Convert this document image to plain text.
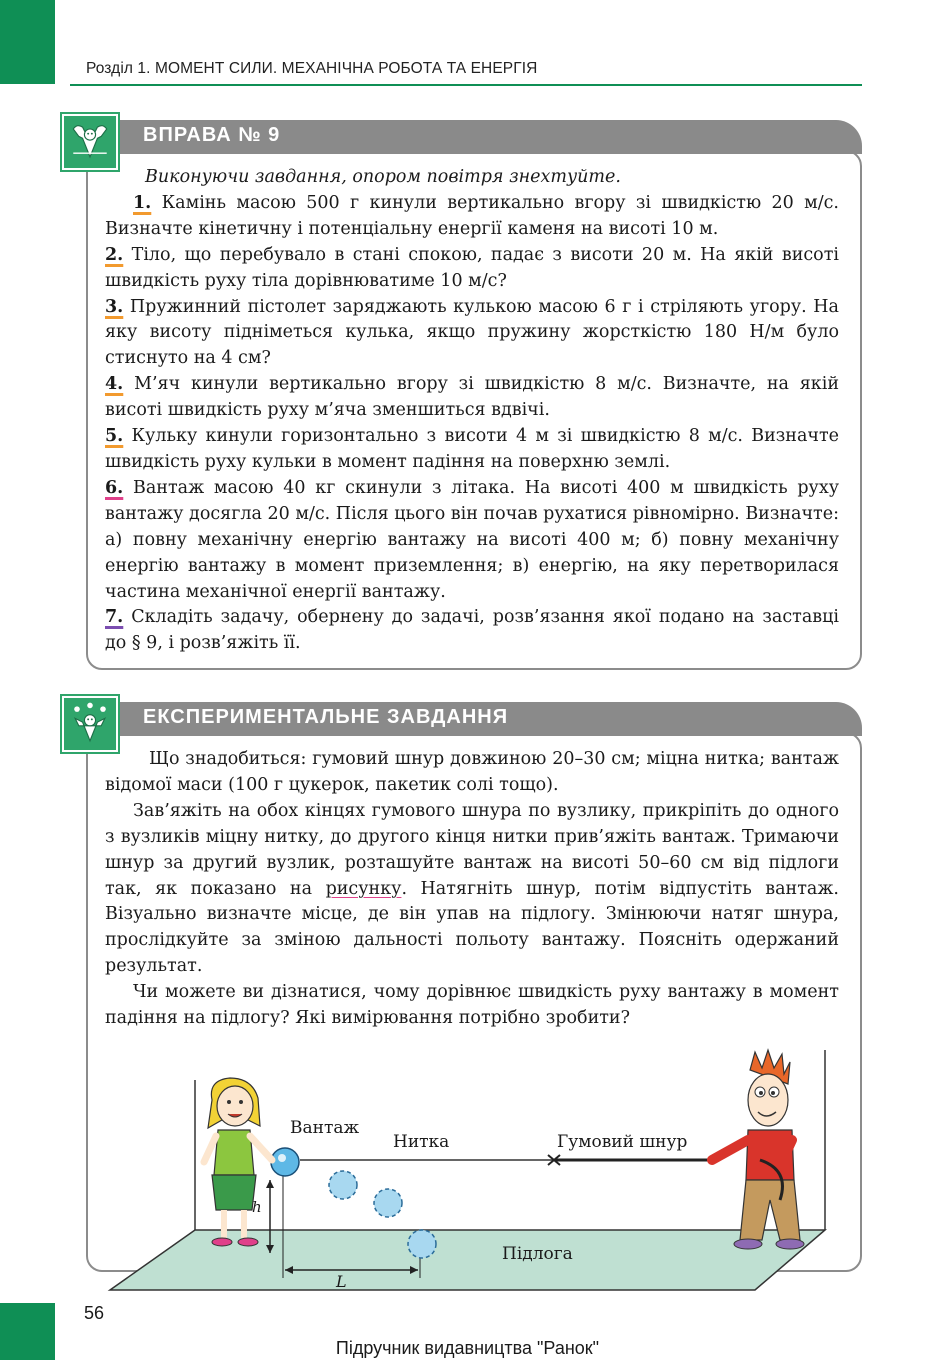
Розділ 1. МОМЕНТ СИЛИ. МЕХАНІЧНА РОБОТА ТА ЕНЕРГІЯ
ВПРАВА № 9

Виконуючи завдання, опором повітря знехтуйте.

1. Камінь масою 500 г кинули вертикально вгору зі швидкістю 20 м/с. Визначте кінетичну і потенціальну енергії каменя на висоті 10 м.

2. Тіло, що перебувало в стані спокою, падає з висоти 20 м. На якій висоті швидкість руху тіла дорівнюватиме 10 м/с?

3. Пружинний пістолет заряджають кулькою масою 6 г і стріляють угору. На яку висоту підніметься кулька, якщо пружину жорсткістю 180 Н/м було стиснуто на 4 см?

4. М’яч кинули вертикально вгору зі швидкістю 8 м/с. Визначте, на якій висоті швидкість руху м’яча зменшиться вдвічі.

5. Кульку кинули горизонтально з висоти 4 м зі швидкістю 8 м/с. Визначте швидкість руху кульки в момент падіння на поверхню землі.

6. Вантаж масою 40 кг скинули з літака. На висоті 400 м швидкість руху вантажу досягла 20 м/с. Після цього він почав рухатися рівномірно. Визначте: а) повну механічну енергію вантажу на висоті 400 м; б) повну механічну енергію вантажу в момент приземлення; в) енергію, на яку перетворилася частина механічної енергії вантажу.

7. Складіть задачу, обернену до задачі, розв’язання якої подано на заставці до § 9, і розв’яжіть її.

ЕКСПЕРИМЕНТАЛЬНЕ ЗАВДАННЯ

Що знадобиться: гумовий шнур довжиною 20–30 см; міцна нитка; вантаж відомої маси (100 г цукерок, пакетик солі тощо).

Зав’яжіть на обох кінцях гумового шнура по вузлику, прикріпіть до одного з вузликів міцну нитку, до другого кінця нитки прив’яжіть вантаж. Тримаючи шнур за другий вузлик, розташуйте вантаж на висоті 50–60 см від підлоги так, як показано на рисунку. Натягніть шнур, потім відпустіть вантаж. Візуально визначте місце, де він упав на підлогу. Змінюючи натяг шнура, прослідкуйте за зміною дальності польоту вантажу. Поясніть одержаний результат.

Чи можете ви дізнатися, чому дорівнює швидкість руху вантажу в момент падіння на підлогу? Які вимірювання потрібно зробити?

Вантаж
Нитка	Гумовий шнур
Підлога
h
L
56
Підручник видавництва "Ранок"
